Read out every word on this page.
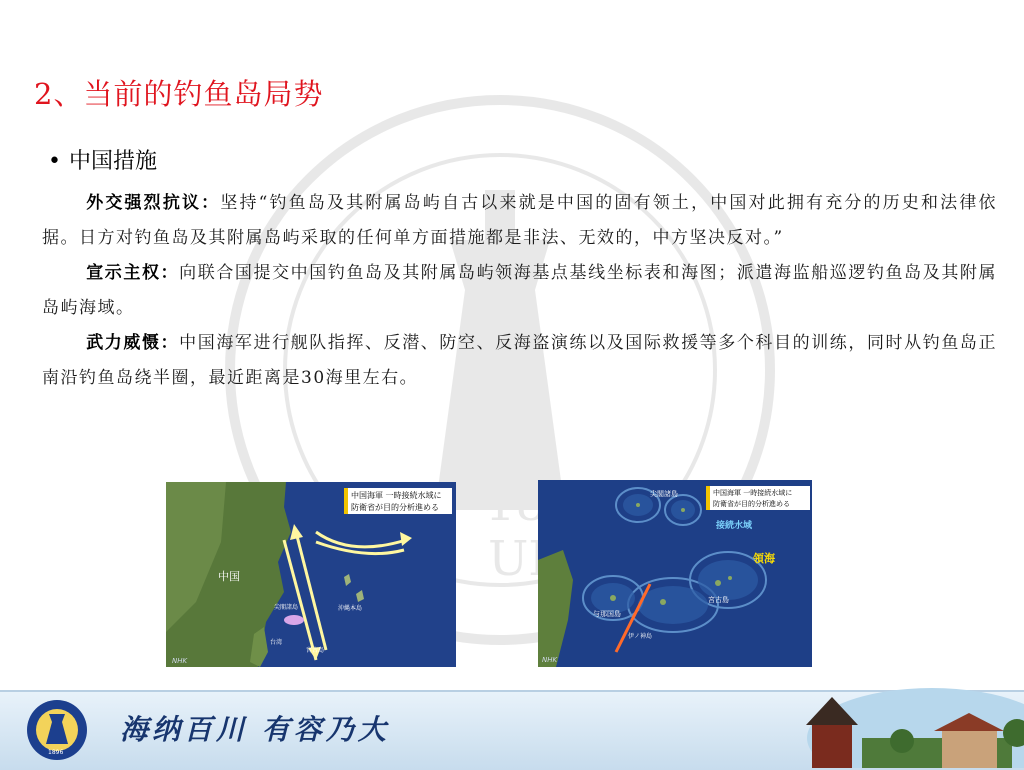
189
UN
2、当前的钓鱼岛局势
• 中国措施

外交强烈抗议：坚持“钓鱼岛及其附属岛屿自古以来就是中国的固有领土，中国对此拥有充分的历史和法律依据。日方对钓鱼岛及其附属岛屿采取的任何单方面措施都是非法、无效的，中方坚决反对。”

宣示主权：向联合国提交中国钓鱼岛及其附属岛屿领海基点基线坐标表和海图；派遣海监船巡逻钓鱼岛及其附属岛屿海域。

武力威慑：中国海军进行舰队指挥、反潜、防空、反海盗演练以及国际救援等多个科目的训练，同时从钓鱼岛正南沿钓鱼岛绕半圈，最近距离是30海里左右。

中国海軍 一時接続水域に
防衛省が目的分析進める
中国
尖閣諸島	沖縄本島
台湾
宮古島
NHK
中国海軍 一時接続水域に
防衛省が目的分析進める
尖閣諸島
接続水域
領海
与那国島
宮古島
伊ノ神島
NHK
1896
海纳百川 有容乃大
